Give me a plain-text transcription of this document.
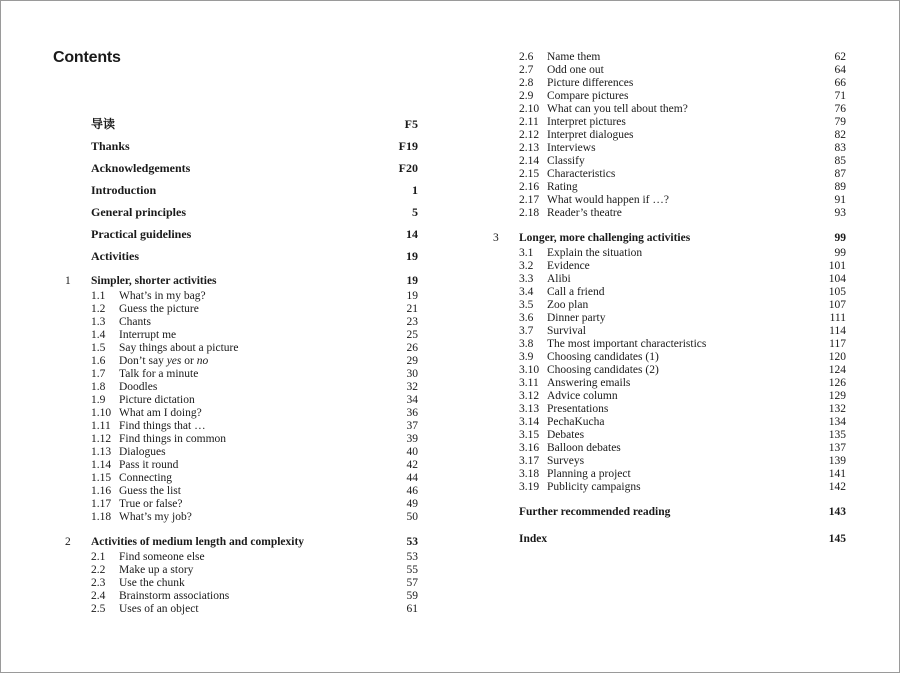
Contents
导读	F5
Thanks	F19
Acknowledgements	F20
Introduction	1
General principles	5
Practical guidelines	14
Activities	19
1 Simpler, shorter activities	19
1.1 What’s in my bag?	19
1.2 Guess the picture	21
1.3 Chants	23
1.4 Interrupt me	25
1.5 Say things about a picture	26
1.6 Don’t say yes or no	29
1.7 Talk for a minute	30
1.8 Doodles	32
1.9 Picture dictation	34
1.10 What am I doing?	36
1.11 Find things that …	37
1.12 Find things in common	39
1.13 Dialogues	40
1.14 Pass it round	42
1.15 Connecting	44
1.16 Guess the list	46
1.17 True or false?	49
1.18 What’s my job?	50
2 Activities of medium length and complexity	53
2.1 Find someone else	53
2.2 Make up a story	55
2.3 Use the chunk	57
2.4 Brainstorm associations	59
2.5 Uses of an object	61
2.6 Name them	62
2.7 Odd one out	64
2.8 Picture differences	66
2.9 Compare pictures	71
2.10 What can you tell about them?	76
2.11 Interpret pictures	79
2.12 Interpret dialogues	82
2.13 Interviews	83
2.14 Classify	85
2.15 Characteristics	87
2.16 Rating	89
2.17 What would happen if …?	91
2.18 Reader’s theatre	93
3 Longer, more challenging activities	99
3.1 Explain the situation	99
3.2 Evidence	101
3.3 Alibi	104
3.4 Call a friend	105
3.5 Zoo plan	107
3.6 Dinner party	111
3.7 Survival	114
3.8 The most important characteristics	117
3.9 Choosing candidates (1)	120
3.10 Choosing candidates (2)	124
3.11 Answering emails	126
3.12 Advice column	129
3.13 Presentations	132
3.14 PechaKucha	134
3.15 Debates	135
3.16 Balloon debates	137
3.17 Surveys	139
3.18 Planning a project	141
3.19 Publicity campaigns	142
Further recommended reading	143
Index	145
